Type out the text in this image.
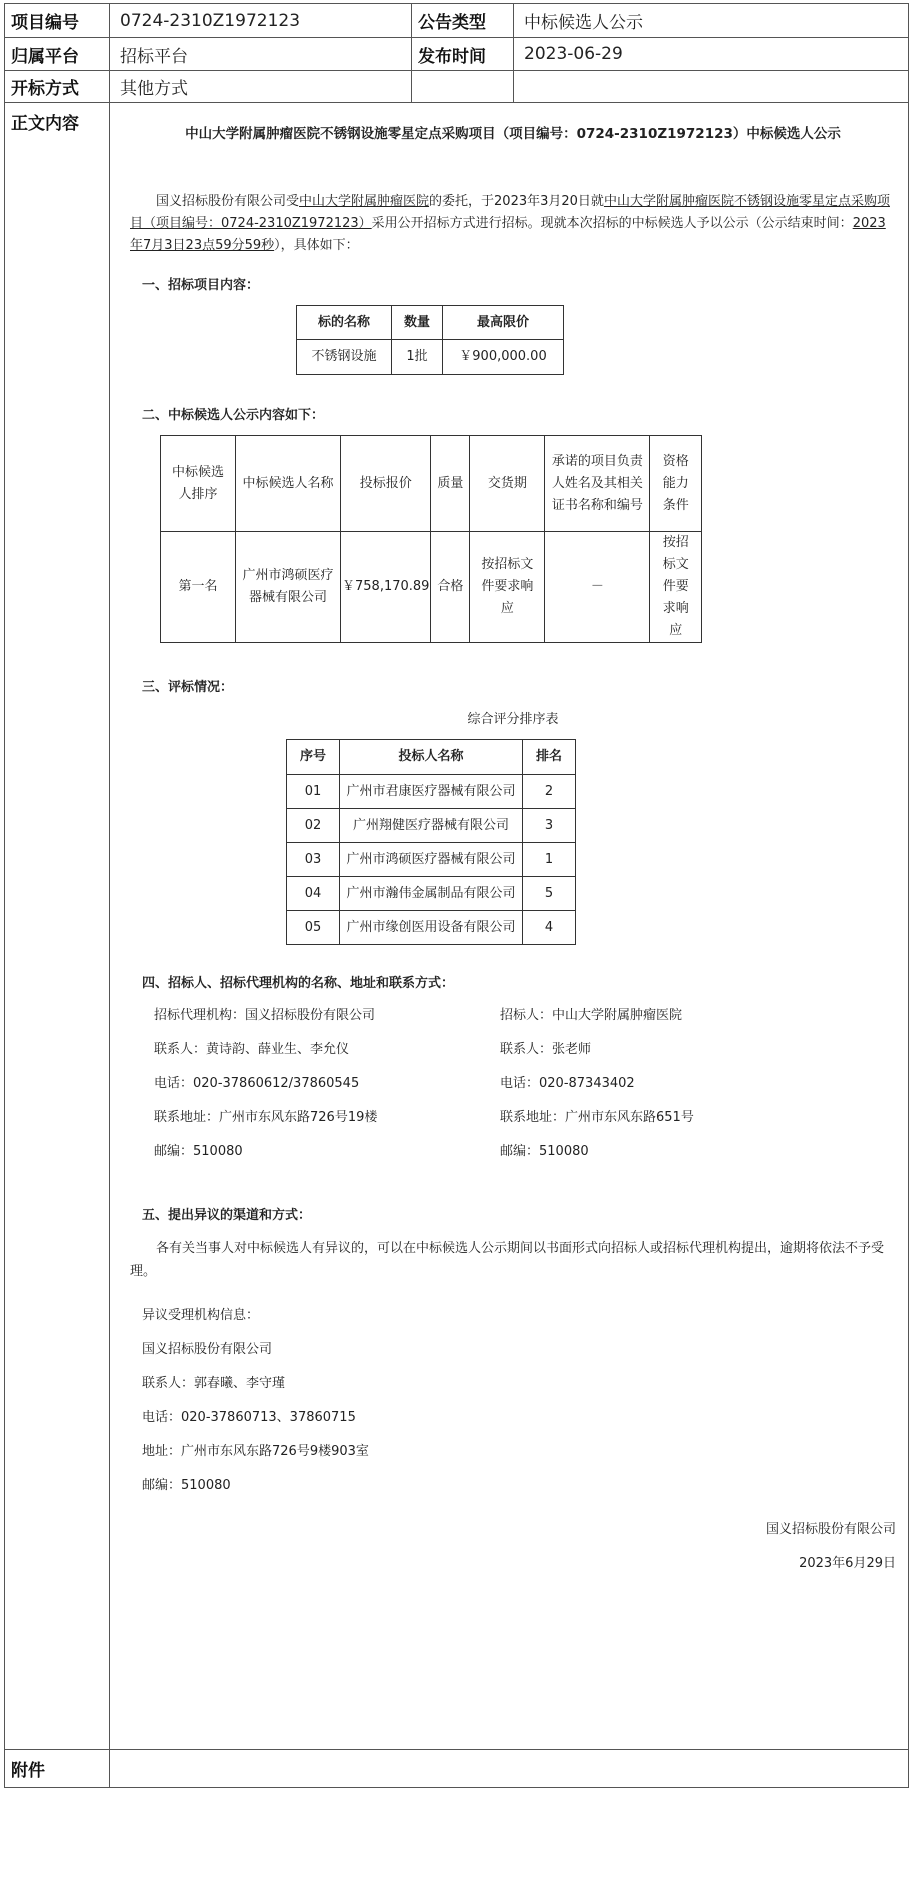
项目编号	0724-2310Z1972123	公告类型	中标候选人公示
归属平台	招标平台	发布时间	2023-06-29
开标方式	其他方式		
正文内容	中山大学附属肿瘤医院不锈钢设施零星定点采购项目（项目编号：0724-2310Z1972123）中标候选人公示
国义招标股份有限公司受中山大学附属肿瘤医院的委托，于2023年3月20日就中山大学附属肿瘤医院不锈钢设施零星定点采购项目（项目编号：0724-2310Z1972123）采用公开招标方式进行招标。现就本次招标的中标候选人予以公示（公示结束时间：2023年7月3日23点59分59秒），具体如下：
一、招标项目内容：
标的名称	数量	最高限价
不锈钢设施	1批	￥900,000.00
二、中标候选人公示内容如下：
中标候选人排序	中标候选人名称	投标报价	质量	交货期	承诺的项目负责人姓名及其相关证书名称和编号	资格能力条件
第一名	广州市鸿硕医疗器械有限公司	￥758,170.89	合格	按招标文件要求响应	－	按招标文件要求响应
三、评标情况：
综合评分排序表
序号	投标人名称	排名
01	广州市君康医疗器械有限公司	2
02	广州翔健医疗器械有限公司	3
03	广州市鸿硕医疗器械有限公司	1
04	广州市瀚伟金属制品有限公司	5
05	广州市缘创医用设备有限公司	4
四、招标人、招标代理机构的名称、地址和联系方式：
招标代理机构：国义招标股份有限公司	招标人：中山大学附属肿瘤医院
联系人：黄诗韵、薛业生、李允仪	联系人：张老师
电话：020-37860612/37860545	电话：020-87343402
联系地址：广州市东风东路726号19楼	联系地址：广州市东风东路651号
邮编：510080	邮编：510080
五、提出异议的渠道和方式：
各有关当事人对中标候选人有异议的，可以在中标候选人公示期间以书面形式向招标人或招标代理机构提出，逾期将依法不予受理。
异议受理机构信息：
国义招标股份有限公司
联系人：郭春曦、李守瑾
电话：020-37860713、37860715
地址：广州市东风东路726号9楼903室
邮编：510080
国义招标股份有限公司
2023年6月29日

附件	
